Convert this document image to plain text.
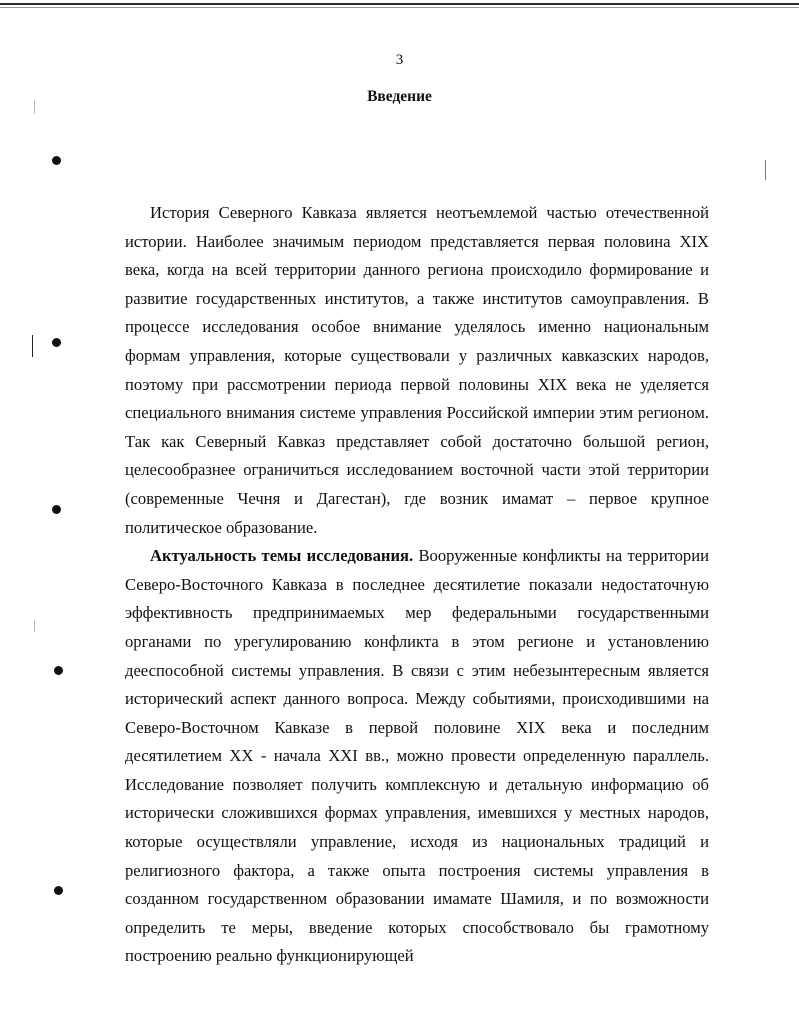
3
Введение

История Северного Кавказа является неотъемлемой частью отечественной истории. Наиболее значимым периодом представляется первая половина XIX века, когда на всей территории данного региона происходило формирование и развитие государственных институтов, а также институтов самоуправления. В процессе исследования особое внимание уделялось именно национальным формам управления, которые существовали у различных кавказских народов, поэтому при рассмотрении периода первой половины XIX века не уделяется специального внимания системе управления Российской империи этим регионом. Так как Северный Кавказ представляет собой достаточно большой регион, целесообразнее ограничиться исследованием восточной части этой территории (современные Чечня и Дагестан), где возник имамат – первое крупное политическое образование.

Актуальность темы исследования. Вооруженные конфликты на территории Северо-Восточного Кавказа в последнее десятилетие показали недостаточную эффективность предпринимаемых мер федеральными государственными органами по урегулированию конфликта в этом регионе и установлению дееспособной системы управления. В связи с этим небезынтересным является исторический аспект данного вопроса. Между событиями, происходившими на Северо-Восточном Кавказе в первой половине XIX века и последним десятилетием XX - начала XXI вв., можно провести определенную параллель. Исследование позволяет получить комплексную и детальную информацию об исторически сложившихся формах управления, имевшихся у местных народов, которые осуществляли управление, исходя из национальных традиций и религиозного фактора, а также опыта построения системы управления в созданном государственном образовании имамате Шамиля, и по возможности определить те меры, введение которых способствовало бы грамотному построению реально функционирующей
